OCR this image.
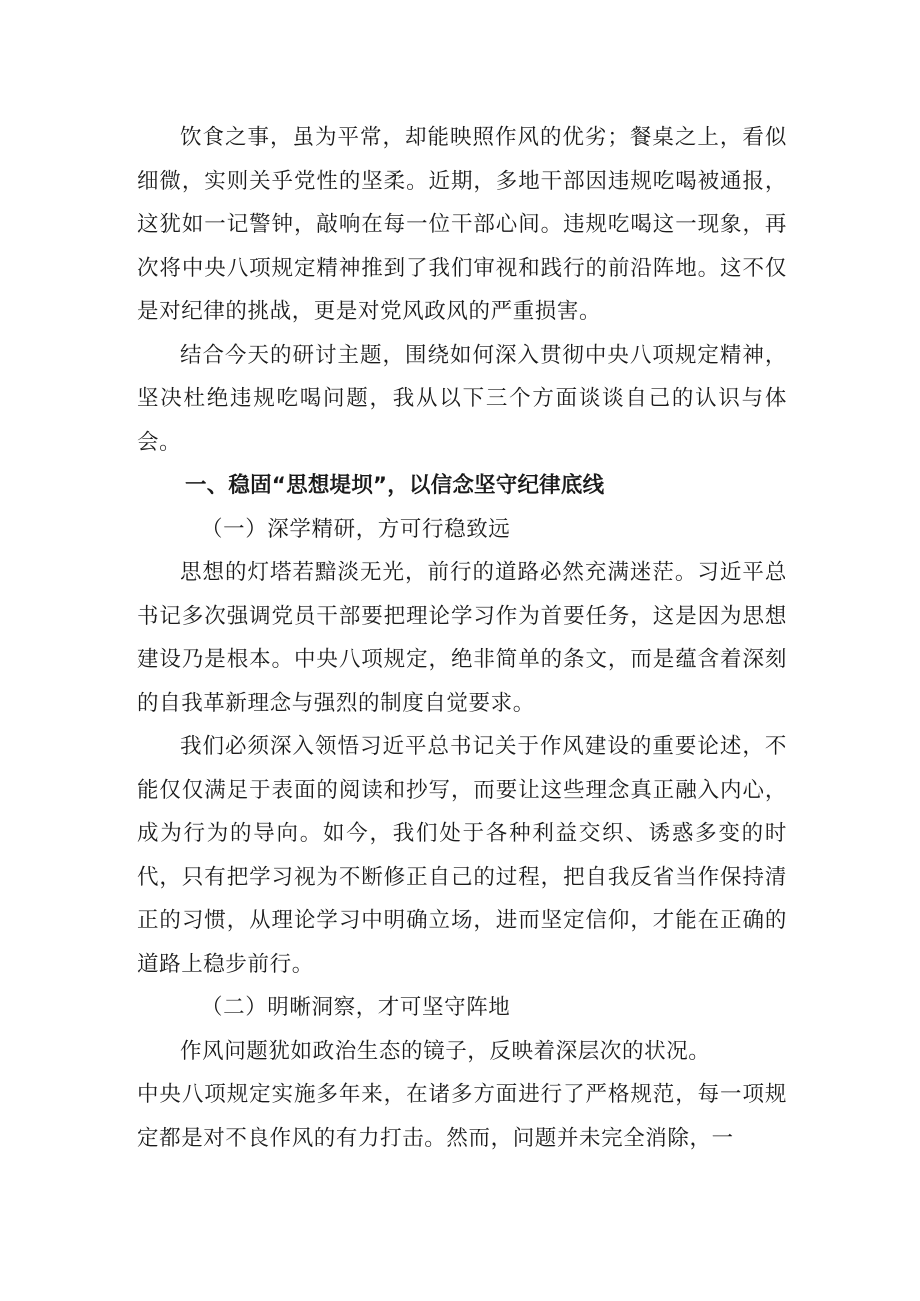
饮食之事，虽为平常，却能映照作风的优劣；餐桌之上，看似细微，实则关乎党性的坚柔。近期，多地干部因违规吃喝被通报，这犹如一记警钟，敲响在每一位干部心间。违规吃喝这一现象，再次将中央八项规定精神推到了我们审视和践行的前沿阵地。这不仅是对纪律的挑战，更是对党风政风的严重损害。

结合今天的研讨主题，围绕如何深入贯彻中央八项规定精神，坚决杜绝违规吃喝问题，我从以下三个方面谈谈自己的认识与体会。

一、稳固“思想堤坝”，以信念坚守纪律底线

（一）深学精研，方可行稳致远

思想的灯塔若黯淡无光，前行的道路必然充满迷茫。习近平总书记多次强调党员干部要把理论学习作为首要任务，这是因为思想建设乃是根本。中央八项规定，绝非简单的条文，而是蕴含着深刻的自我革新理念与强烈的制度自觉要求。

我们必须深入领悟习近平总书记关于作风建设的重要论述，不能仅仅满足于表面的阅读和抄写，而要让这些理念真正融入内心，成为行为的导向。如今，我们处于各种利益交织、诱惑多变的时代，只有把学习视为不断修正自己的过程，把自我反省当作保持清正的习惯，从理论学习中明确立场，进而坚定信仰，才能在正确的道路上稳步前行。

（二）明晰洞察，才可坚守阵地

作风问题犹如政治生态的镜子，反映着深层次的状况。

中央八项规定实施多年来，在诸多方面进行了严格规范，每一项规定都是对不良作风的有力打击。然而，问题并未完全消除，一
